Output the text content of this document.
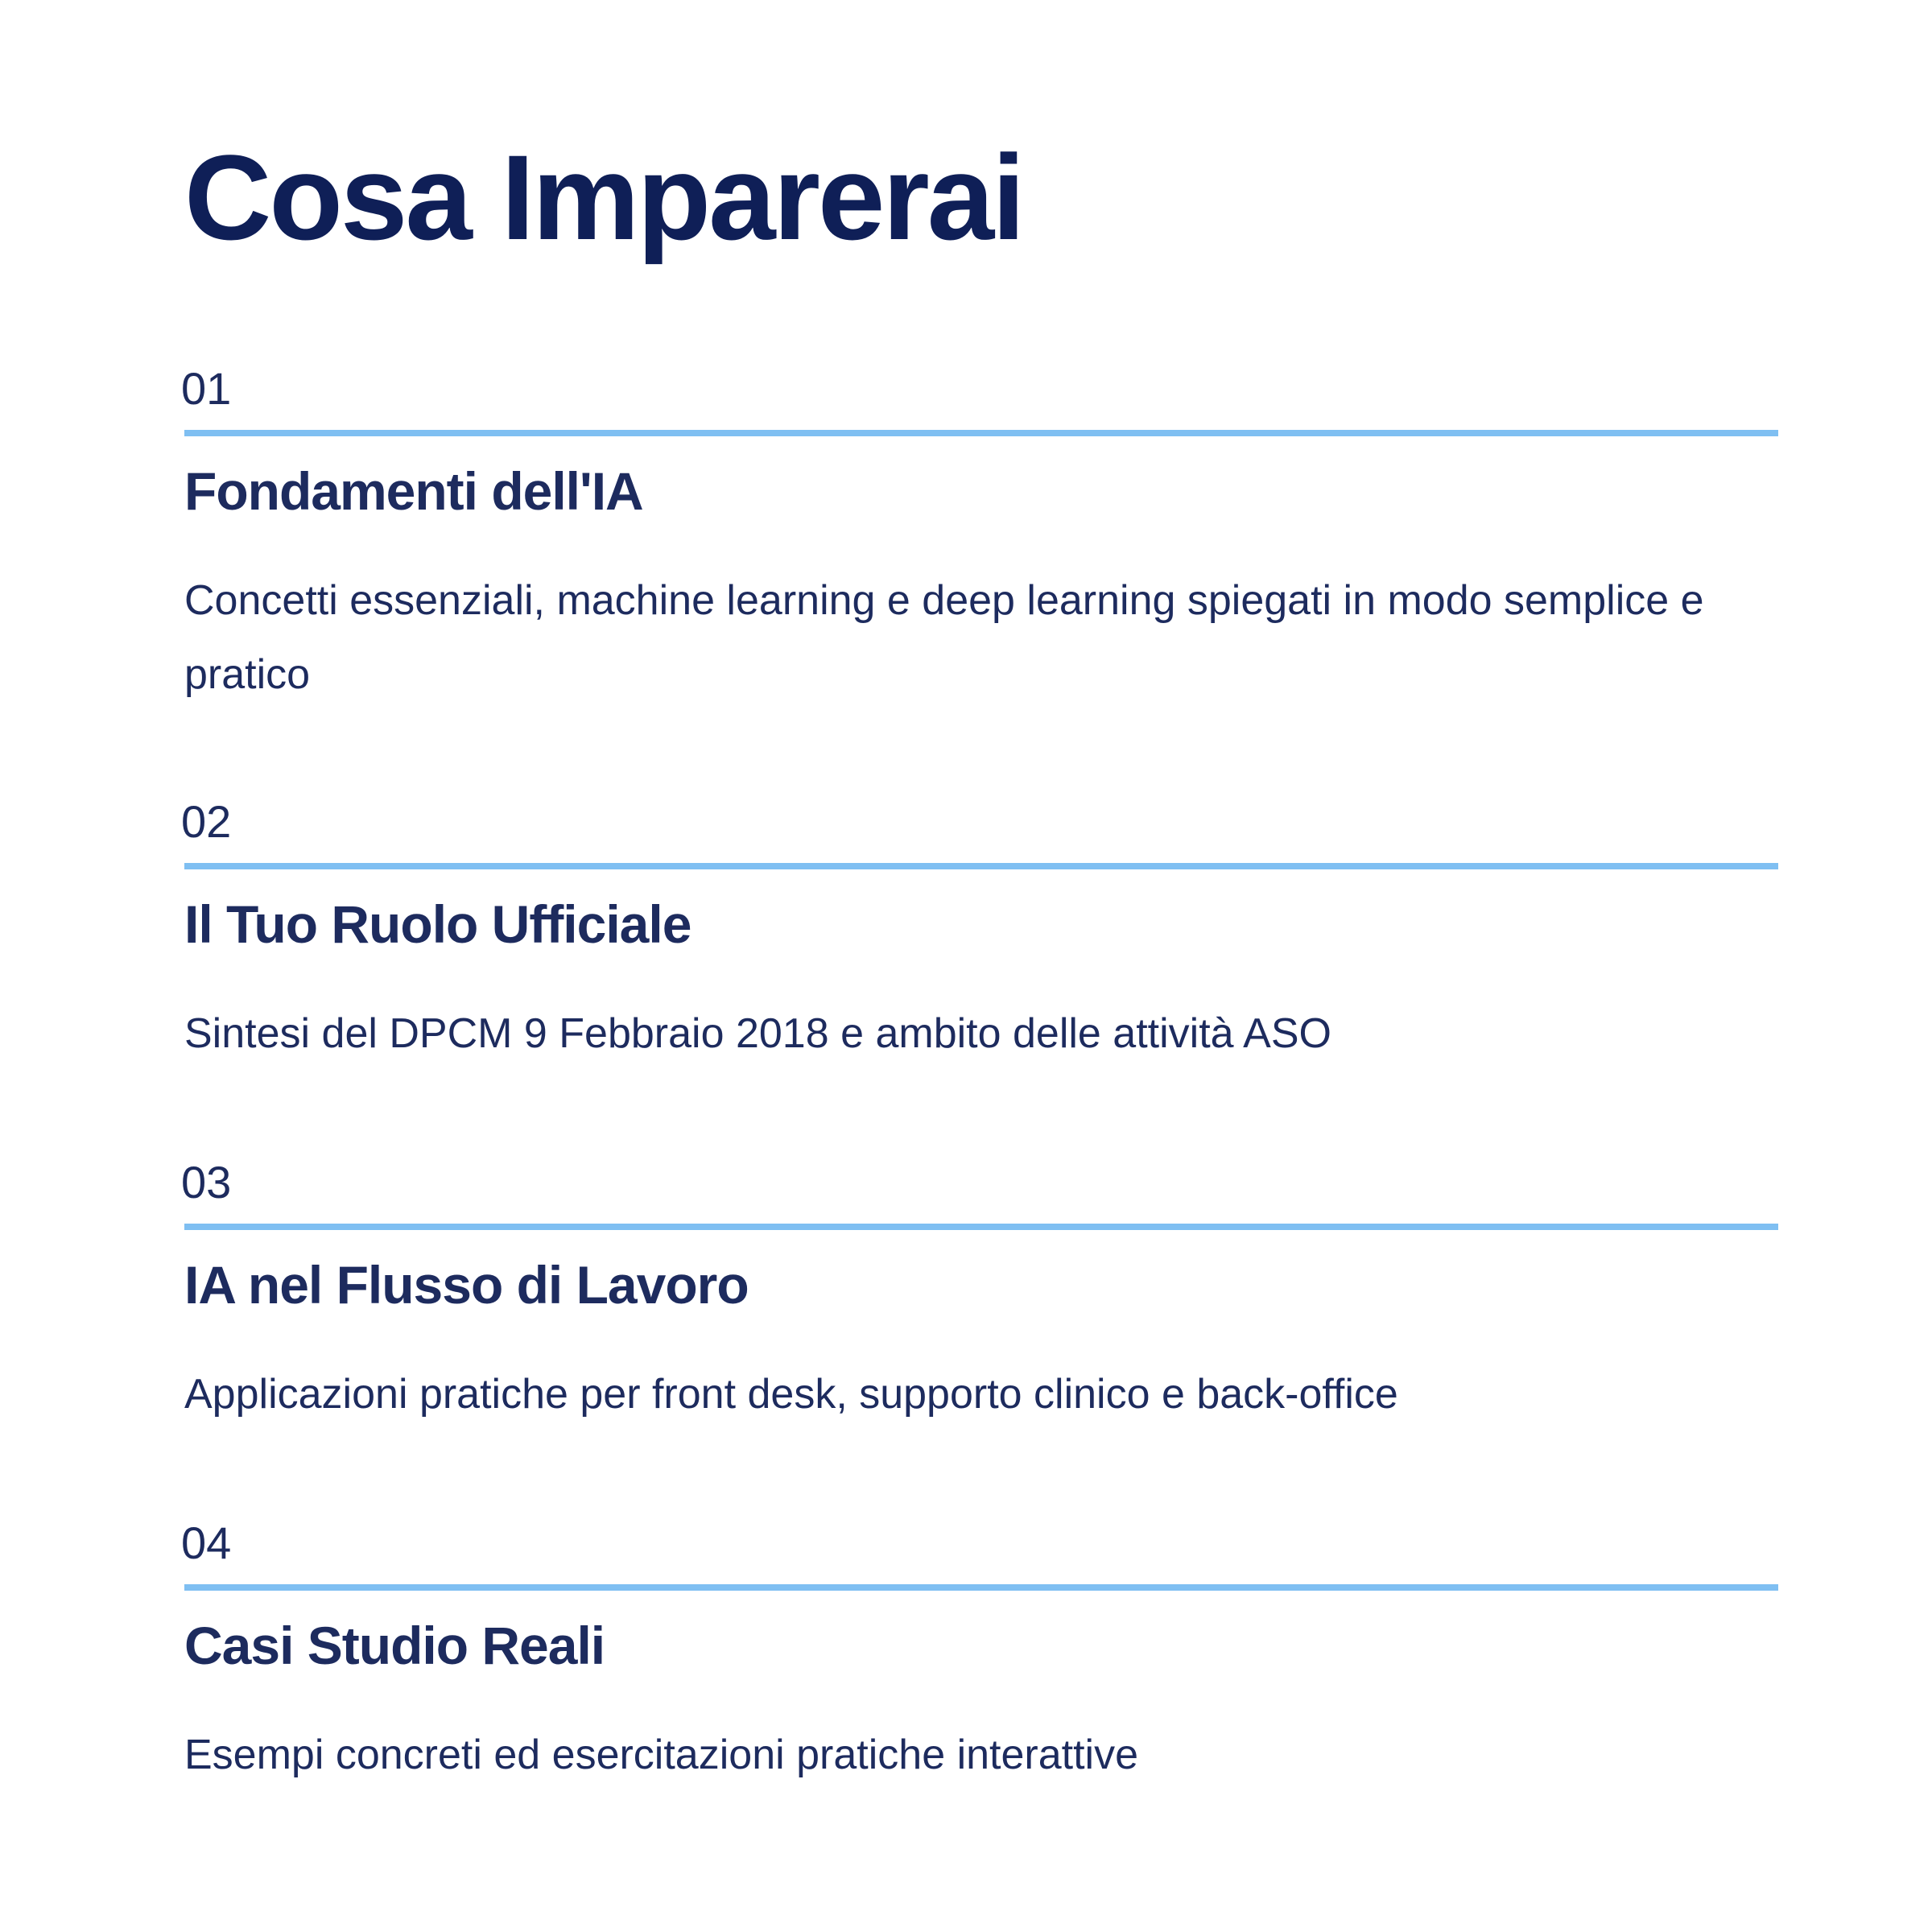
Cosa Imparerai
01
Fondamenti dell'IA

Concetti essenziali, machine learning e deep learning spiegati in modo semplice e pratico

02
Il Tuo Ruolo Ufficiale

Sintesi del DPCM 9 Febbraio 2018 e ambito delle attività ASO

03
IA nel Flusso di Lavoro

Applicazioni pratiche per front desk, supporto clinico e back-office

04
Casi Studio Reali

Esempi concreti ed esercitazioni pratiche interattive
